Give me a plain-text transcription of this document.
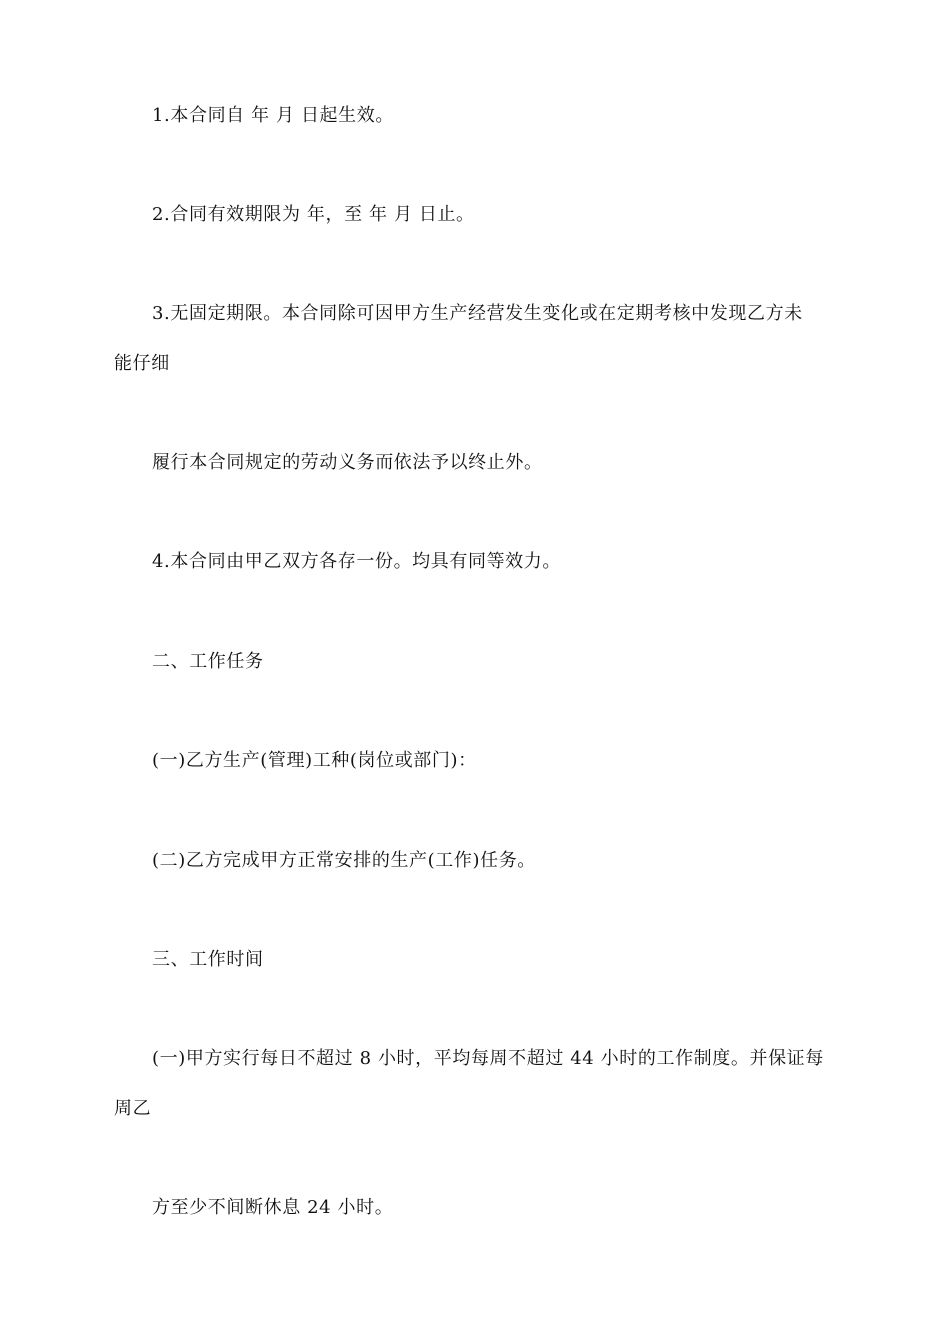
1.本合同自 年 月 日起生效。
2.合同有效期限为 年，至 年 月 日止。
3.无固定期限。本合同除可因甲方生产经营发生变化或在定期考核中发现乙方未
能仔细
履行本合同规定的劳动义务而依法予以终止外。
4.本合同由甲乙双方各存一份。均具有同等效力。
二、工作任务
(一)乙方生产(管理)工种(岗位或部门)：
(二)乙方完成甲方正常安排的生产(工作)任务。
三、工作时间
(一)甲方实行每日不超过 8 小时，平均每周不超过 44 小时的工作制度。并保证每
周乙
方至少不间断休息 24 小时。
